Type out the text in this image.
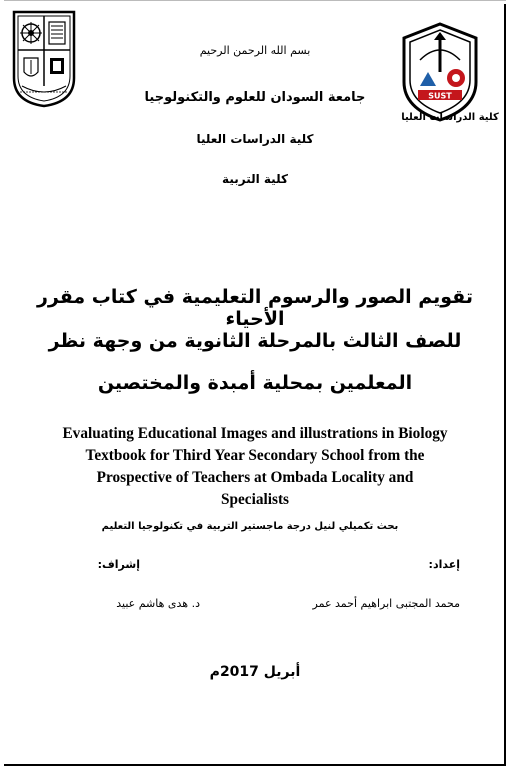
SUST
كلية الدراسات العليا
بسم الله الرحمن الرحيم
جامعة السودان للعلوم والتكنولوجيا
كلية الدراسات العليا
كلية التربية
تقويم الصور والرسوم التعليمية في كتاب مقرر الأحياء
للصف الثالث بالمرحلة الثانوية من وجهة نظر
المعلمين بمحلية أمبدة والمختصين
Evaluating Educational Images and illustrations in Biology
Textbook for Third Year Secondary School from the
Prospective of Teachers at Ombada Locality and
Specialists
بحث تكميلي لنيل درجة ماجستير التربية في تكنولوجيا التعليم
إعداد:
إشراف:
محمد المجتبى ابراهيم أحمد عمر
د. هدى هاشم عبيد
أبريل 2017م
